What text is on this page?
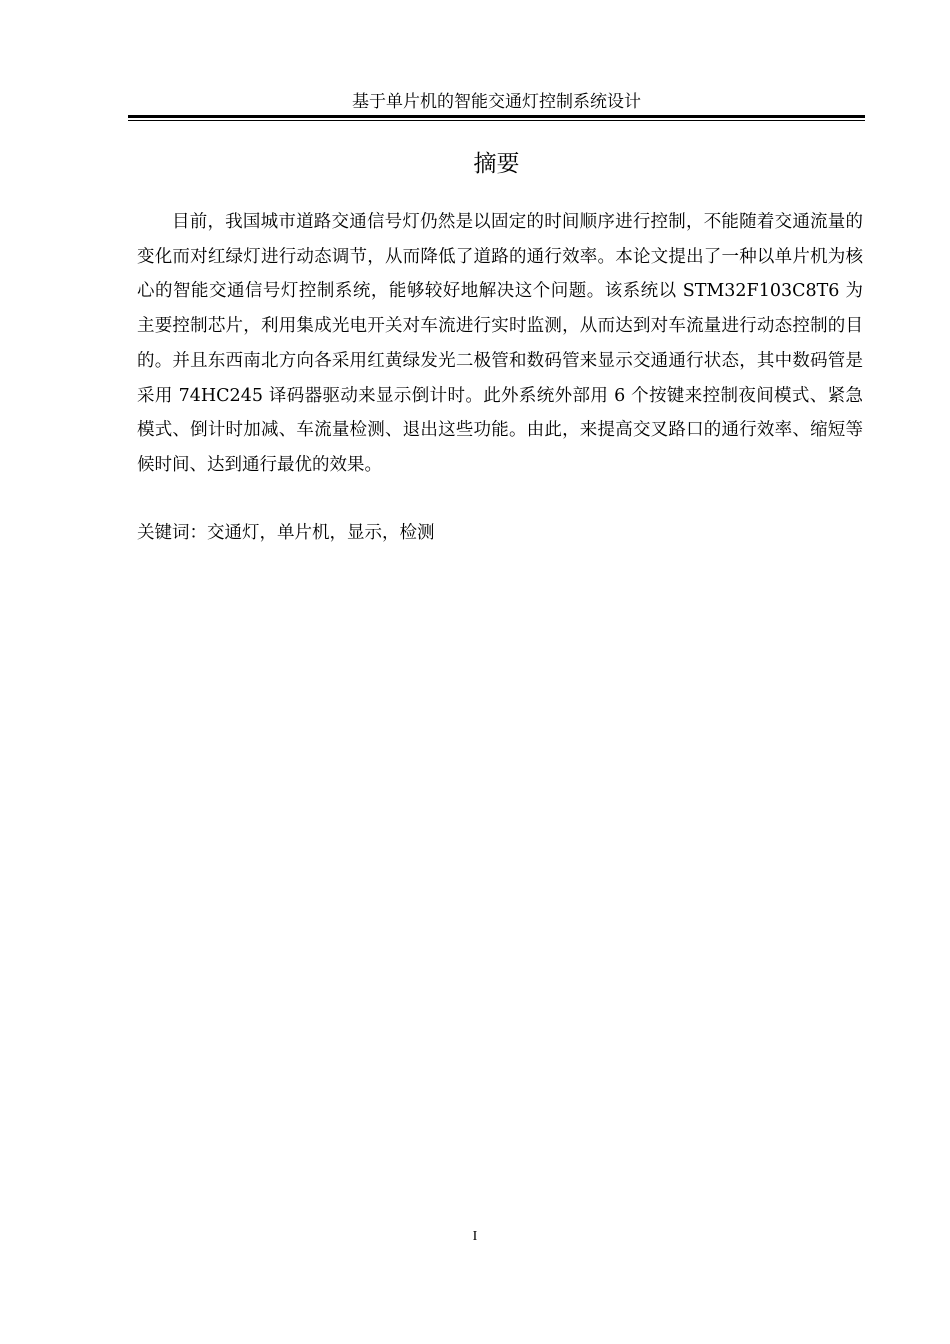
基于单片机的智能交通灯控制系统设计
摘要

目前，我国城市道路交通信号灯仍然是以固定的时间顺序进行控制，不能随着交通流量的变化而对红绿灯进行动态调节，从而降低了道路的通行效率。本论文提出了一种以单片机为核心的智能交通信号灯控制系统，能够较好地解决这个问题。该系统以 STM32F103C8T6 为主要控制芯片，利用集成光电开关对车流进行实时监测，从而达到对车流量进行动态控制的目的。并且东西南北方向各采用红黄绿发光二极管和数码管来显示交通通行状态，其中数码管是采用 74HC245 译码器驱动来显示倒计时。此外系统外部用 6 个按键来控制夜间模式、紧急模式、倒计时加减、车流量检测、退出这些功能。由此，来提高交叉路口的通行效率、缩短等候时间、达到通行最优的效果。

关键词：交通灯，单片机，显示，检测

I
